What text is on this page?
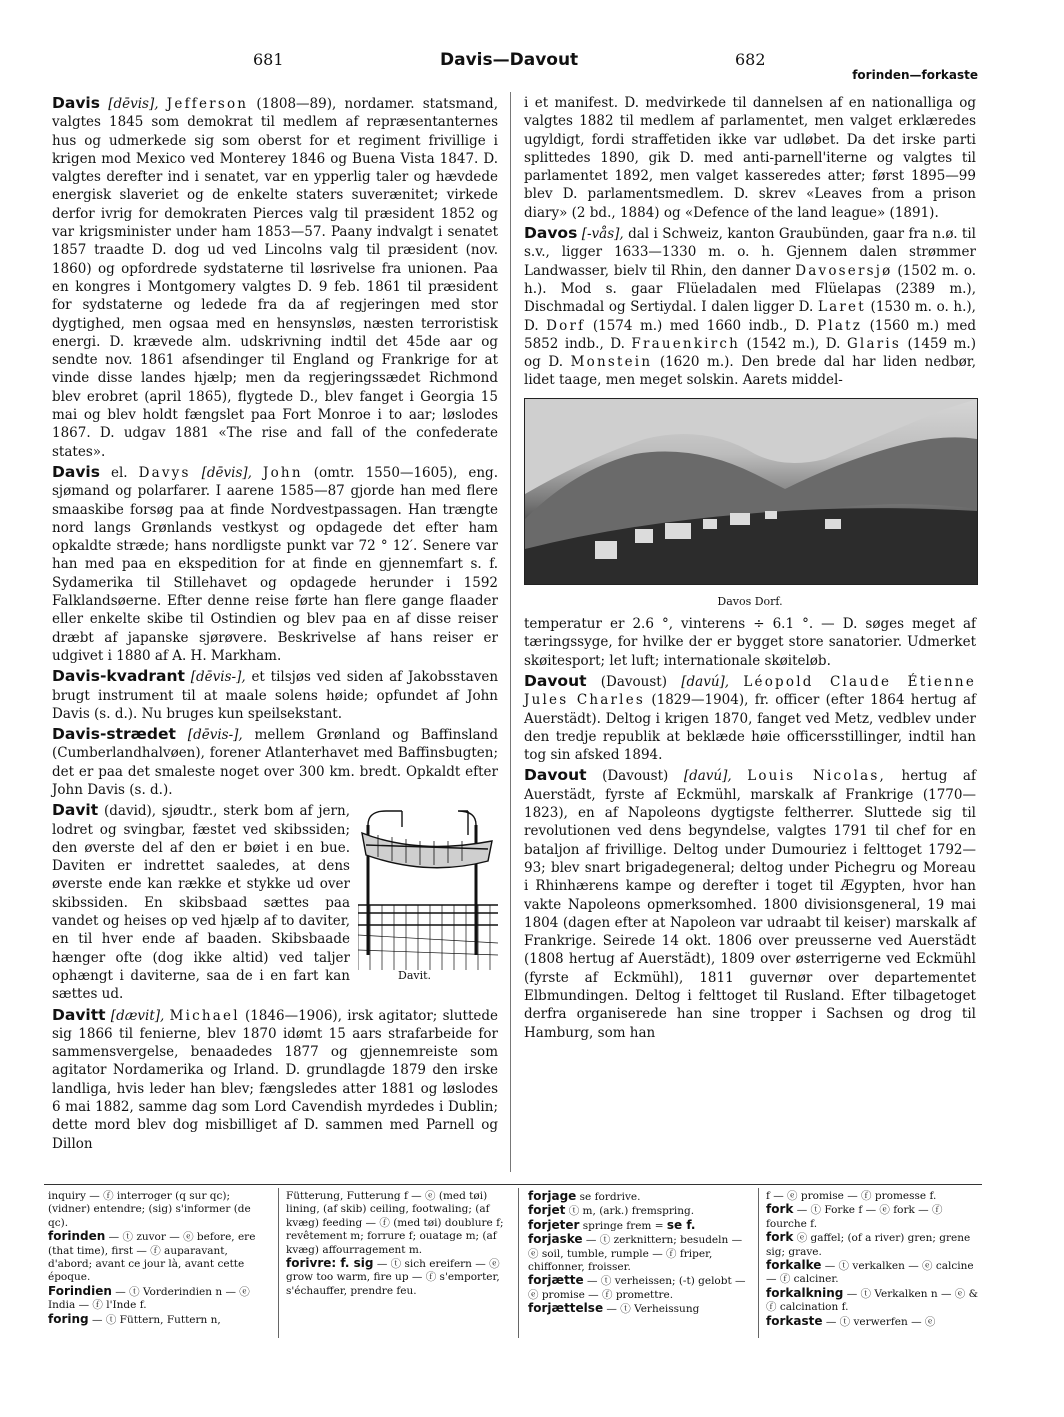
681	Davis—Davout	682
forinden—forkaste

Davis [dēvis], Jefferson (1808—89), nordamer. statsmand, valgtes 1845 som demokrat til medlem af repræsentanternes hus og udmerkede sig som oberst for et regiment frivillige i krigen mod Mexico ved Monterey 1846 og Buena Vista 1847. D. valgtes derefter ind i senatet, var en ypperlig taler og hævdede energisk slaveriet og de enkelte staters suverænitet; virkede derfor ivrig for demokraten Pierces valg til præsident 1852 og var krigsminister under ham 1853—57. Paany indvalgt i senatet 1857 traadte D. dog ud ved Lincolns valg til præsident (nov. 1860) og opfordrede sydstaterne til løsrivelse fra unionen. Paa en kongres i Montgomery valgtes D. 9 feb. 1861 til præsident for sydstaterne og ledede fra da af regjeringen med stor dygtighed, men ogsaa med en hensynsløs, næsten terroristisk energi. D. krævede alm. udskrivning indtil det 45de aar og sendte nov. 1861 afsendinger til England og Frankrige for at vinde disse landes hjælp; men da regjeringssædet Richmond blev erobret (april 1865), flygtede D., blev fanget i Georgia 15 mai og blev holdt fængslet paa Fort Monroe i to aar; løslodes 1867. D. udgav 1881 «The rise and fall of the confederate states».

Davis el. Davys [dēvis], John (omtr. 1550—1605), eng. sjømand og polarfarer. I aarene 1585—87 gjorde han med flere smaaskibe forsøg paa at finde Nordvestpassagen. Han trængte nord langs Grønlands vestkyst og opdagede det efter ham opkaldte stræde; hans nordligste punkt var 72 ° 12′. Senere var han med paa en ekspedition for at finde en gjennemfart s. f. Sydamerika til Stillehavet og opdagede herunder i 1592 Falklandsøerne. Efter denne reise førte han flere gange flaader eller enkelte skibe til Ostindien og blev paa en af disse reiser dræbt af japanske sjørøvere. Beskrivelse af hans reiser er udgivet i 1880 af A. H. Markham.

Davis-kvadrant [dēvis-], et tilsjøs ved siden af Jakobsstaven brugt instrument til at maale solens høide; opfundet af John Davis (s. d.). Nu bruges kun speilsekstant.

Davis-strædet [dēvis-], mellem Grønland og Baffinsland (Cumberlandhalvøen), forener Atlanterhavet med Baffinsbugten; det er paa det smaleste noget over 300 km. bredt. Opkaldt efter John Davis (s. d.).

Davit.

Davit (david), sjøudtr., sterk bom af jern, lodret og svingbar, fæstet ved skibssiden; den øverste del af den er bøiet i en bue. Daviten er indrettet saaledes, at dens øverste ende kan række et stykke ud over skibssiden. En skibsbaad sættes paa vandet og heises op ved hjælp af to daviter, en til hver ende af baaden. Skibsbaade hænger ofte (dog ikke altid) ved taljer ophængt i daviterne, saa de i en fart kan sættes ud.

Davitt [dævit], Michael (1846—1906), irsk agitator; sluttede sig 1866 til fenierne, blev 1870 idømt 15 aars strafarbeide for sammensvergelse, benaadedes 1877 og gjennemreiste som agitator Nordamerika og Irland. D. grundlagde 1879 den irske landliga, hvis leder han blev; fængsledes atter 1881 og løslodes 6 mai 1882, samme dag som Lord Cavendish myrdedes i Dublin; dette mord blev dog misbilliget af D. sammen med Parnell og Dillon

i et manifest. D. medvirkede til dannelsen af en nationalliga og valgtes 1882 til medlem af parlamentet, men valget erklæredes ugyldigt, fordi straffetiden ikke var udløbet. Da det irske parti splittedes 1890, gik D. med anti-parnell'iterne og valgtes til parlamentet 1892, men valget kasseredes atter; først 1895—99 blev D. parlamentsmedlem. D. skrev «Leaves from a prison diary» (2 bd., 1884) og «Defence of the land league» (1891).

Davos [-vås], dal i Schweiz, kanton Graubünden, gaar fra n.ø. til s.v., ligger 1633—1330 m. o. h. Gjennem dalen strømmer Landwasser, bielv til Rhin, den danner Davosersjø (1502 m. o. h.). Mod s. gaar Flüeladalen med Flüelapas (2389 m.), Dischmadal og Sertiydal. I dalen ligger D. Laret (1530 m. o. h.), D. Dorf (1574 m.) med 1660 indb., D. Platz (1560 m.) med 5852 indb., D. Frauenkirch (1542 m.), D. Glaris (1459 m.) og D. Monstein (1620 m.). Den brede dal har liden nedbør, lidet taage, men meget solskin. Aarets middel-

Davos Dorf.

temperatur er 2.6 °, vinterens ÷ 6.1 °. — D. søges meget af tæringssyge, for hvilke der er bygget store sanatorier. Udmerket skøitesport; let luft; internationale skøiteløb.

Davout (Davoust) [davú], Léopold Claude Étienne Jules Charles (1829—1904), fr. officer (efter 1864 hertug af Auerstädt). Deltog i krigen 1870, fanget ved Metz, vedblev under den tredje republik at beklæde høie officersstillinger, indtil han tog sin afsked 1894.

Davout (Davoust) [davú], Louis Nicolas, hertug af Auerstädt, fyrste af Eckmühl, marskalk af Frankrige (1770—1823), en af Napoleons dygtigste feltherrer. Sluttede sig til revolutionen ved dens begyndelse, valgtes 1791 til chef for en bataljon af frivillige. Deltog under Dumouriez i felttoget 1792—93; blev snart brigadegeneral; deltog under Pichegru og Moreau i Rhinhærens kampe og derefter i toget til Ægypten, hvor han vakte Napoleons opmerksomhed. 1800 divisionsgeneral, 19 mai 1804 (dagen efter at Napoleon var udraabt til keiser) marskalk af Frankrige. Seirede 14 okt. 1806 over preusserne ved Auerstädt (1808 hertug af Auerstädt), 1809 over østerrigerne ved Eckmühl (fyrste af Eckmühl), 1811 guvernør over departementet Elbmundingen. Deltog i felttoget til Rusland. Efter tilbagetoget derfra organiserede han sine tropper i Sachsen og drog til Hamburg, som han

inquiry — ⓕ interroger (q sur qc); (vidner) entendre; (sig) s'informer (de qc).
forinden — ⓣ zuvor — ⓔ before, ere (that time), first — ⓕ auparavant, d'abord; avant ce jour là, avant cette époque.
Forindien — ⓣ Vorderindien n — ⓔ India — ⓕ l'Inde f.
foring — ⓣ Füttern, Futtern n,
Fütterung, Futterung f — ⓔ (med tøi) lining, (af skib) ceiling, footwaling; (af kvæg) feeding — ⓕ (med tøi) doublure f; revêtement m; forrure f; ouatage m; (af kvæg) affourragement m.
forivre: f. sig — ⓣ sich ereifern — ⓔ grow too warm, fire up — ⓕ s'emporter, s'échauffer, prendre feu.
forjage se fordrive.
forjet ⓣ m, (ark.) fremspring.
forjeter springe frem = se f.
forjaske — ⓣ zerknittern; besudeln — ⓔ soil, tumble, rumple — ⓕ friper, chiffonner, froisser.
forjætte — ⓣ verheissen; (-t) gelobt — ⓔ promise — ⓕ promettre.
forjættelse — ⓣ Verheissung
f — ⓔ promise — ⓕ promesse f.
fork — ⓣ Forke f — ⓔ fork — ⓕ fourche f.
fork ⓔ gaffel; (of a river) gren; grene sig; grave.
forkalke — ⓣ verkalken — ⓔ calcine — ⓕ calciner.
forkalkning — ⓣ Verkalken n — ⓔ & ⓕ calcination f.
forkaste — ⓣ verwerfen — ⓔ
